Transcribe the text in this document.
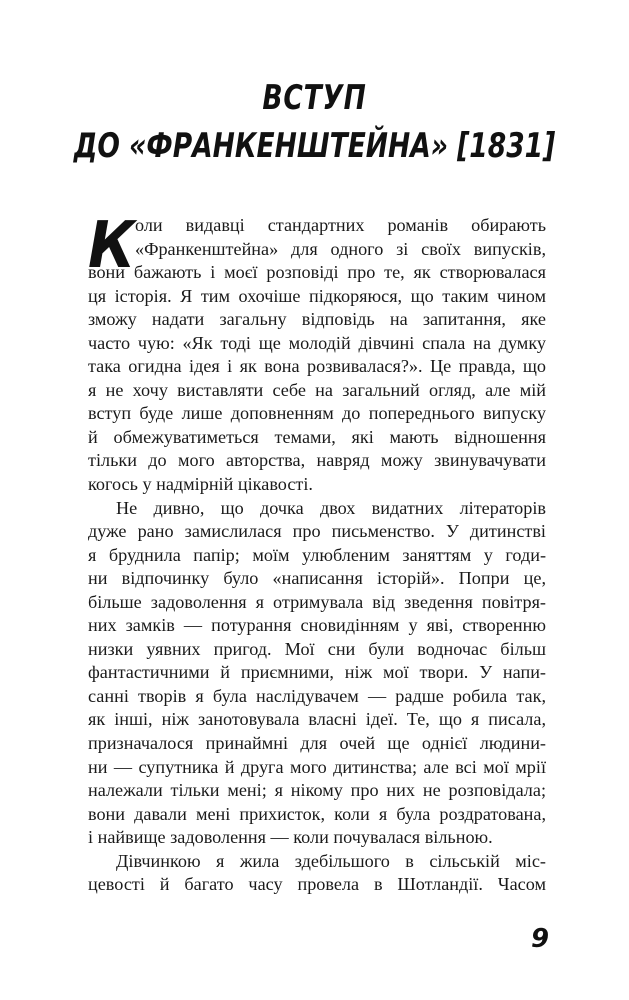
ВСТУП
ДО «ФРАНКЕНШТЕЙНА» [1831]
К оли видавці стандартних романів обирають
«Франкенштейна» для одного зі своїх випусків,
вони бажають і моєї розповіді про те, як створювалася
ця історія. Я тим охочіше підкоряюся, що таким чином
зможу надати загальну відповідь на запитання, яке
часто чую: «Як тоді ще молодій дівчині спала на думку
така огидна ідея і як вона розвивалася?». Це правда, що
я не хочу виставляти себе на загальний огляд, але мій
вступ буде лише доповненням до попереднього випуску
й обмежуватиметься темами, які мають відношення
тільки до мого авторства, навряд можу звинувачувати
когось у надмірній цікавості.
Не дивно, що дочка двох видатних літераторів
дуже рано замислилася про письменство. У дитинстві
я бруднила папір; моїм улюбленим заняттям у годи-
ни відпочинку було «написання історій». Попри це,
більше задоволення я отримувала від зведення повітря-
них замків — потурання сновидінням у яві, створенню
низки уявних пригод. Мої сни були водночас більш
фантастичними й приємними, ніж мої твори. У напи-
санні творів я була наслідувачем — радше робила так,
як інші, ніж занотовувала власні ідеї. Те, що я писала,
призначалося принаймні для очей ще однієї людини-
ни — супутника й друга мого дитинства; але всі мої мрії
належали тільки мені; я нікому про них не розповідала;
вони давали мені прихисток, коли я була роздратована,
і найвище задоволення — коли почувалася вільною.
Дівчинкою я жила здебільшого в сільській міс-
цевості й багато часу провела в Шотландії. Часом
9
